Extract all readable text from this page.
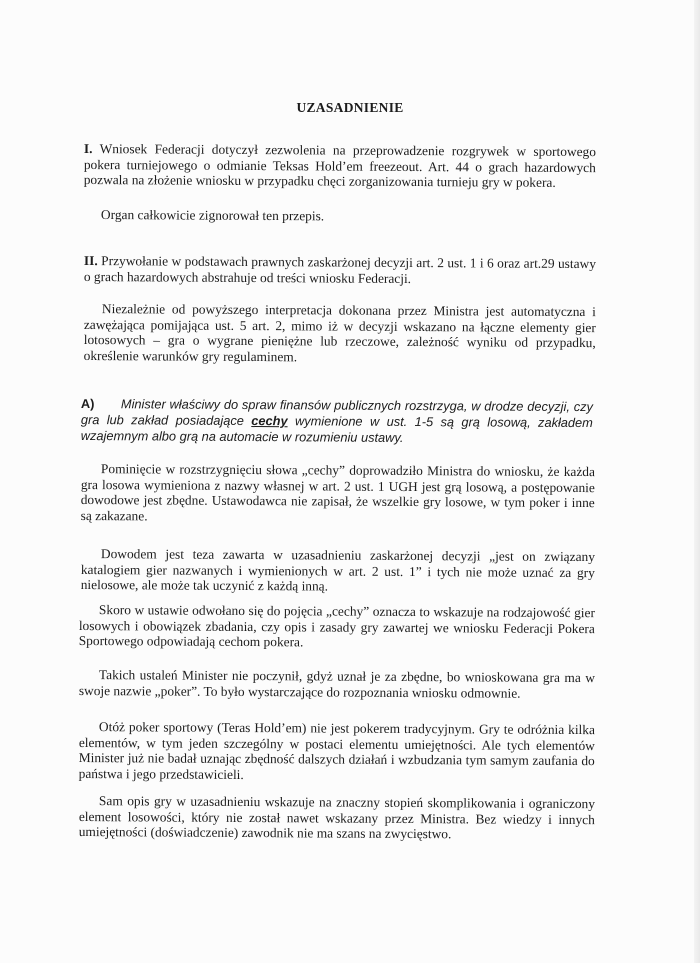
UZASADNIENIE

I. Wniosek Federacji dotyczył zezwolenia na przeprowadzenie rozgrywek w sportowego pokera turniejowego o odmianie Teksas Hold’em freezeout. Art. 44 o grach hazardowych pozwala na złożenie wniosku w przypadku chęci zorganizowania turnieju gry w pokera.

Organ całkowicie zignorował ten przepis.

II. Przywołanie w podstawach prawnych zaskarżonej decyzji art. 2 ust. 1 i 6 oraz art.29 ustawy o grach hazardowych abstrahuje od treści wniosku Federacji.

Niezależnie od powyższego interpretacja dokonana przez Ministra jest automatyczna i zawężająca pomijająca ust. 5 art. 2, mimo iż w decyzji wskazano na łączne elementy gier lotosowych – gra o wygrane pieniężne lub rzeczowe, zależność wyniku od przypadku, określenie warunków gry regulaminem.

A) Minister właściwy do spraw finansów publicznych rozstrzyga, w drodze decyzji, czy gra lub zakład posiadające cechy wymienione w ust. 1-5 są grą losową, zakładem wzajemnym albo grą na automacie w rozumieniu ustawy.

Pominięcie w rozstrzygnięciu słowa „cechy” doprowadziło Ministra do wniosku, że każda gra losowa wymieniona z nazwy własnej w art. 2 ust. 1 UGH jest grą losową, a postępowanie dowodowe jest zbędne. Ustawodawca nie zapisał, że wszelkie gry losowe, w tym poker i inne są zakazane.

Dowodem jest teza zawarta w uzasadnieniu zaskarżonej decyzji „jest on związany katalogiem gier nazwanych i wymienionych w art. 2 ust. 1” i tych nie może uznać za gry nielosowe, ale może tak uczynić z każdą inną.

Skoro w ustawie odwołano się do pojęcia „cechy” oznacza to wskazuje na rodzajowość gier losowych i obowiązek zbadania, czy opis i zasady gry zawartej we wniosku Federacji Pokera Sportowego odpowiadają cechom pokera.

Takich ustaleń Minister nie poczynił, gdyż uznał je za zbędne, bo wnioskowana gra ma w swoje nazwie „poker”. To było wystarczające do rozpoznania wniosku odmownie.

Otóż poker sportowy (Teras Hold’em) nie jest pokerem tradycyjnym. Gry te odróżnia kilka elementów, w tym jeden szczególny w postaci elementu umiejętności. Ale tych elementów Minister już nie badał uznając zbędność dalszych działań i wzbudzania tym samym zaufania do państwa i jego przedstawicieli.

Sam opis gry w uzasadnieniu wskazuje na znaczny stopień skomplikowania i ograniczony element losowości, który nie został nawet wskazany przez Ministra. Bez wiedzy i innych umiejętności (doświadczenie) zawodnik nie ma szans na zwycięstwo.
